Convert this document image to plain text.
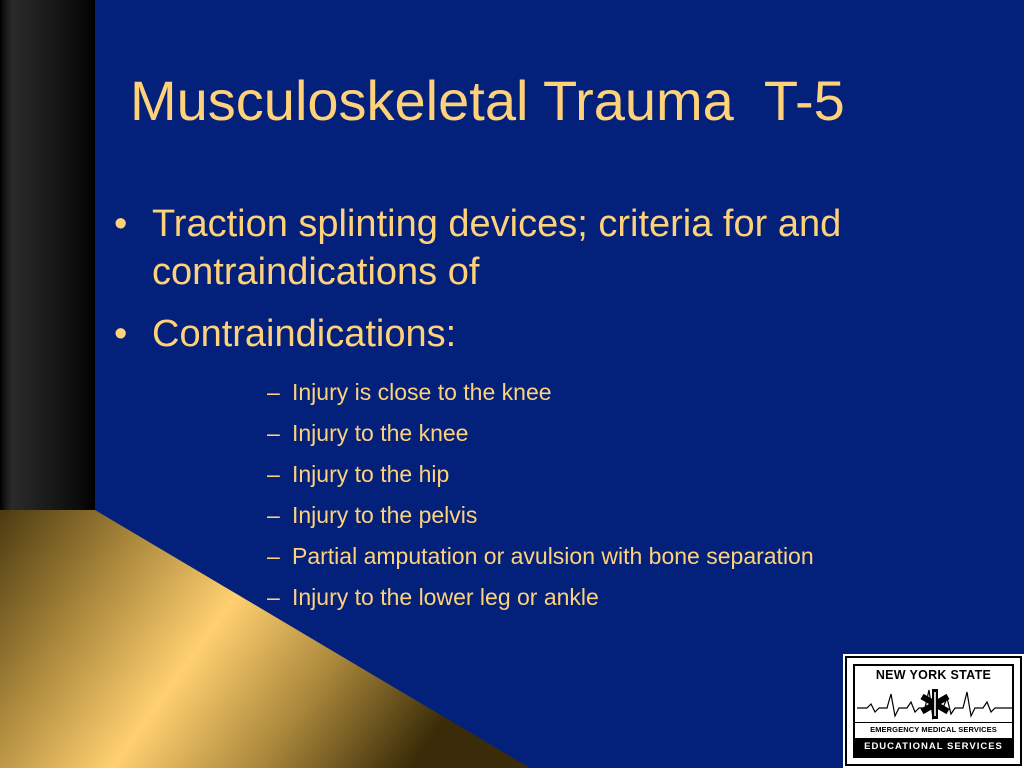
Musculoskeletal Trauma  T-5
• Traction splinting devices; criteria for and contraindications of
• Contraindications:
– Injury is close to the knee
– Injury to the knee
– Injury to the hip
– Injury to the pelvis
– Partial amputation or avulsion with bone separation
– Injury to the lower leg or ankle
NEW YORK STATE
EMERGENCY MEDICAL SERVICES
EDUCATIONAL SERVICES
